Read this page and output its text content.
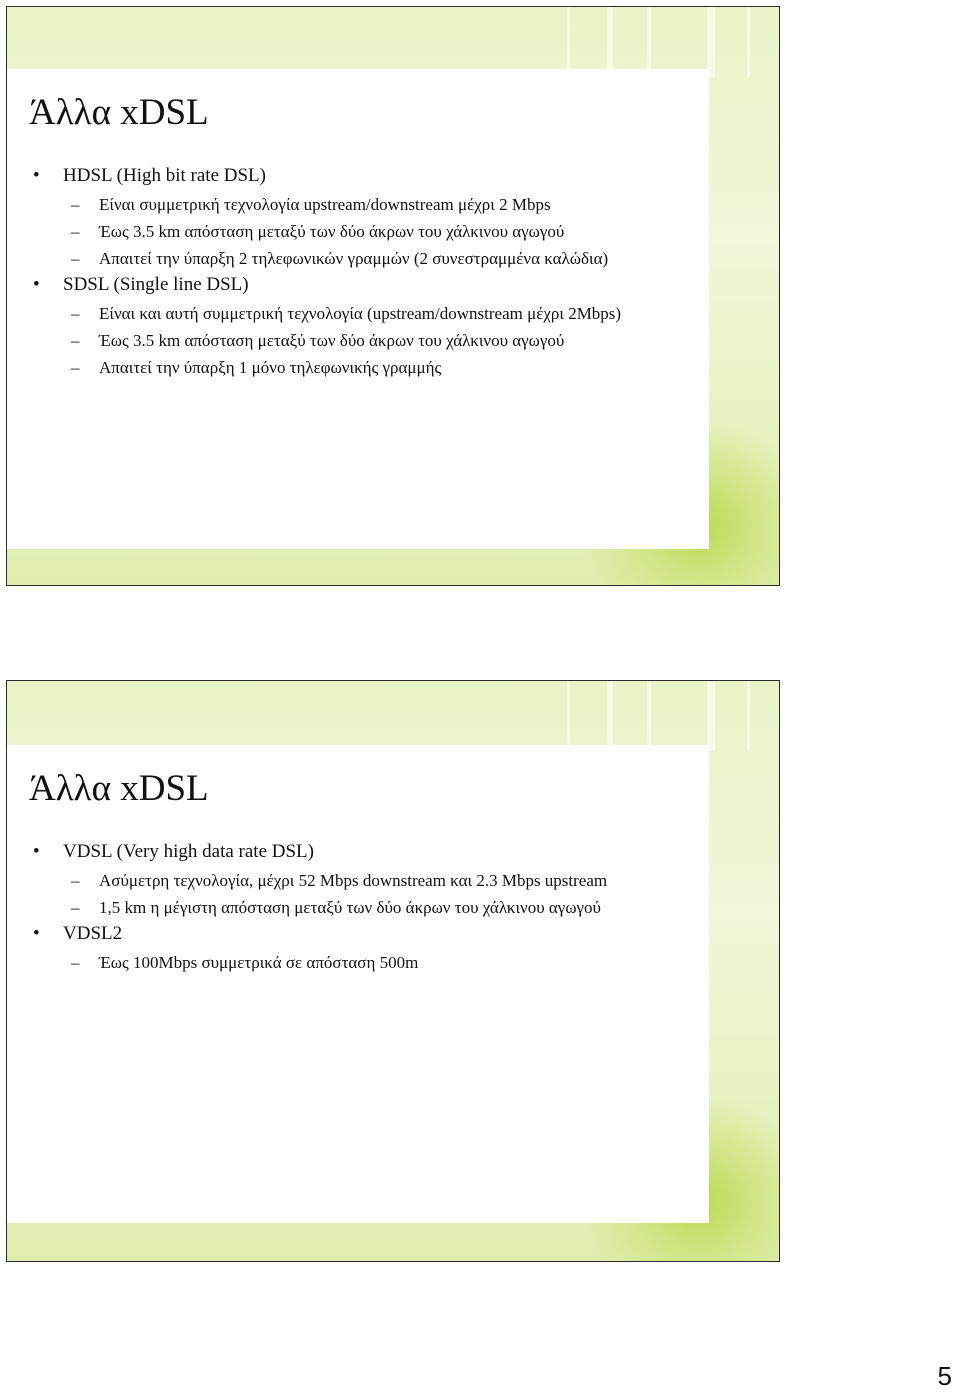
Άλλα xDSL
• HDSL (High bit rate DSL)
– Είναι συμμετρική τεχνολογία upstream/downstream μέχρι 2 Mbps
– Έως 3.5 km απόσταση μεταξύ των δύο άκρων του χάλκινου αγωγού
– Απαιτεί την ύπαρξη 2 τηλεφωνικών γραμμών (2 συνεστραμμένα καλώδια)
• SDSL (Single line DSL)
– Είναι και αυτή συμμετρική τεχνολογία (upstream/downstream μέχρι 2Mbps)
– Έως 3.5 km απόσταση μεταξύ των δύο άκρων του χάλκινου αγωγού
– Απαιτεί την ύπαρξη 1 μόνο τηλεφωνικής γραμμής
Άλλα xDSL
• VDSL (Very high data rate DSL)
– Ασύμετρη τεχνολογία, μέχρι 52 Mbps downstream και 2.3 Mbps upstream
– 1,5 km η μέγιστη απόσταση μεταξύ των δύο άκρων του χάλκινου αγωγού
• VDSL2
– Έως 100Mbps συμμετρικά σε απόσταση 500m
5
